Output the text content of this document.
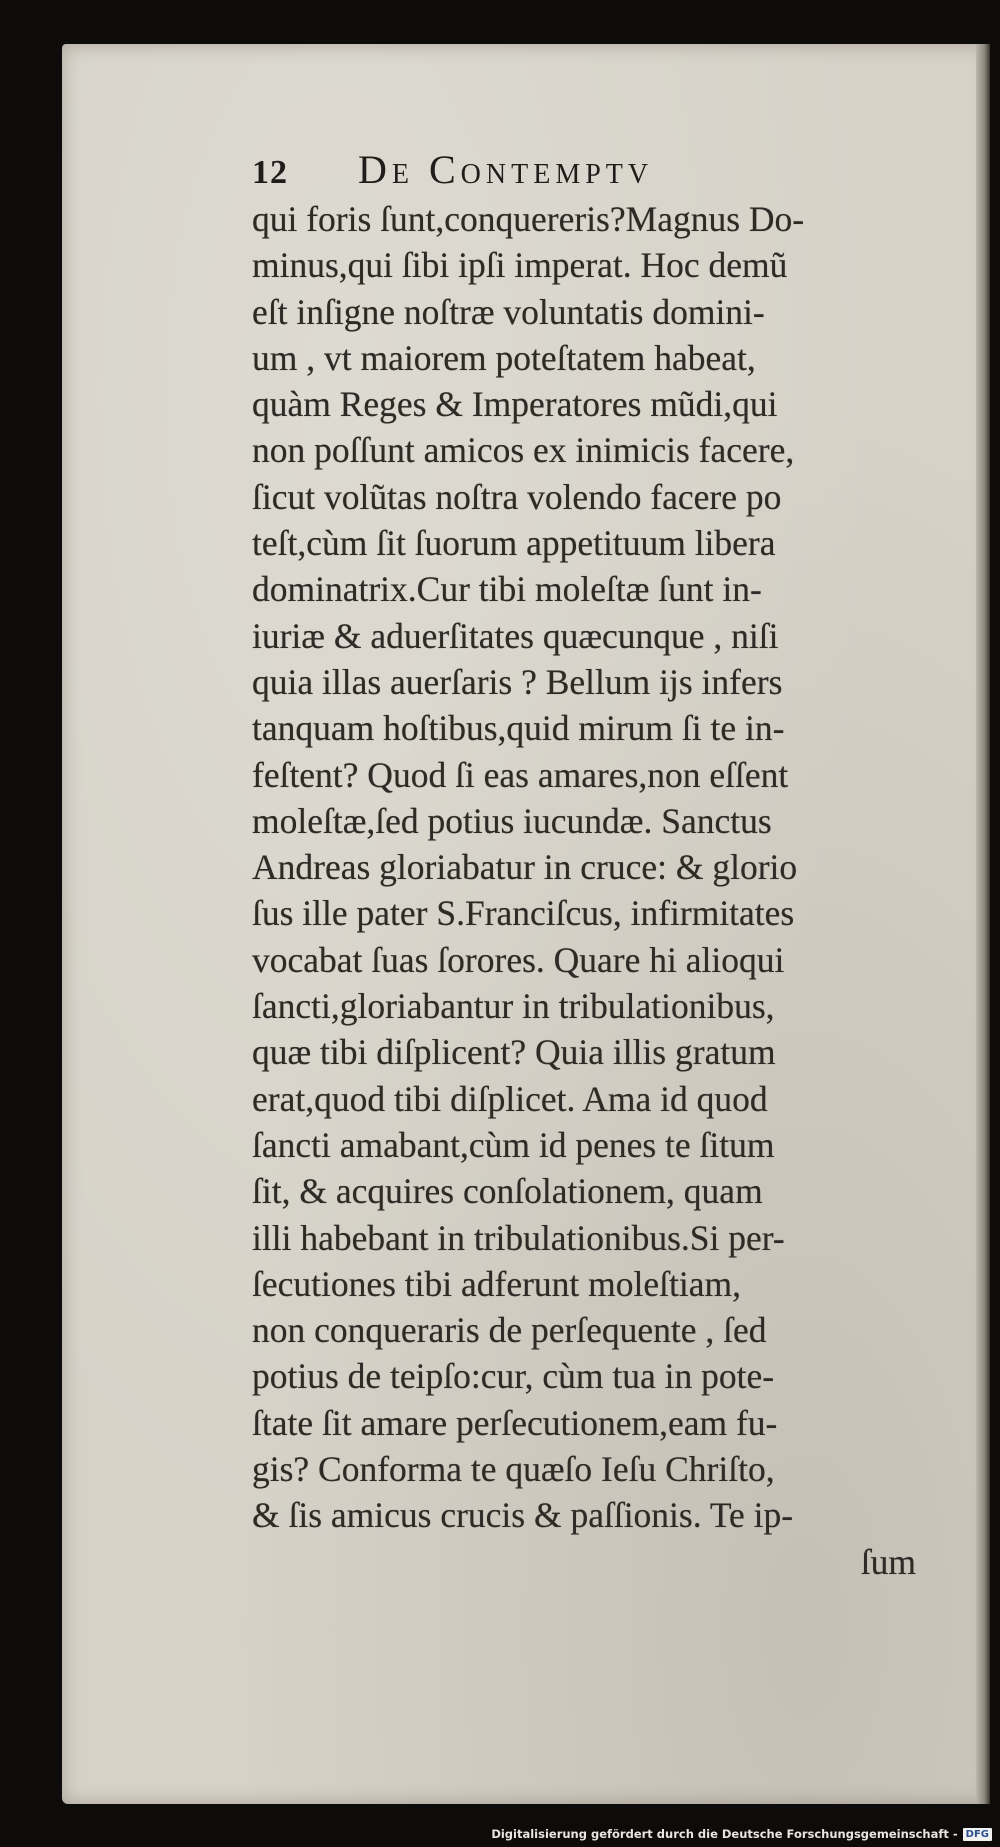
12	De Contemptv
qui foris ſunt,conquereris?Magnus Do-
minus,qui ſibi ipſi imperat. Hoc demũ
eſt inſigne noſtræ voluntatis domini-
um , vt maiorem poteſtatem habeat,
quàm Reges & Imperatores mũdi,qui
non poſſunt amicos ex inimicis facere,
ſicut volũtas noſtra volendo facere po
teſt,cùm ſit ſuorum appetituum libera
dominatrix.Cur tibi moleſtæ ſunt in-
iuriæ & aduerſitates quæcunque , niſi
quia illas auerſaris ? Bellum ijs infers
tanquam hoſtibus,quid mirum ſi te in-
feſtent? Quod ſi eas amares,non eſſent
moleſtæ,ſed potius iucundæ. Sanctus
Andreas gloriabatur in cruce: & glorio
ſus ille pater S.Franciſcus, infirmitates
vocabat ſuas ſorores. Quare hi alioqui
ſancti,gloriabantur in tribulationibus,
quæ tibi diſplicent? Quia illis gratum
erat,quod tibi diſplicet. Ama id quod
ſancti amabant,cùm id penes te ſitum
ſit, & acquires conſolationem, quam
illi habebant in tribulationibus.Si per-
ſecutiones tibi adferunt moleſtiam,
non conqueraris de perſequente , ſed
potius de teipſo:cur, cùm tua in pote-
ſtate ſit amare perſecutionem,eam fu-
gis? Conforma te quæſo Ieſu Chriſto,
& ſis amicus crucis & paſſionis. Te ip-
ſum
Digitalisierung gefördert durch die Deutsche Forschungsgemeinschaft - DFG
